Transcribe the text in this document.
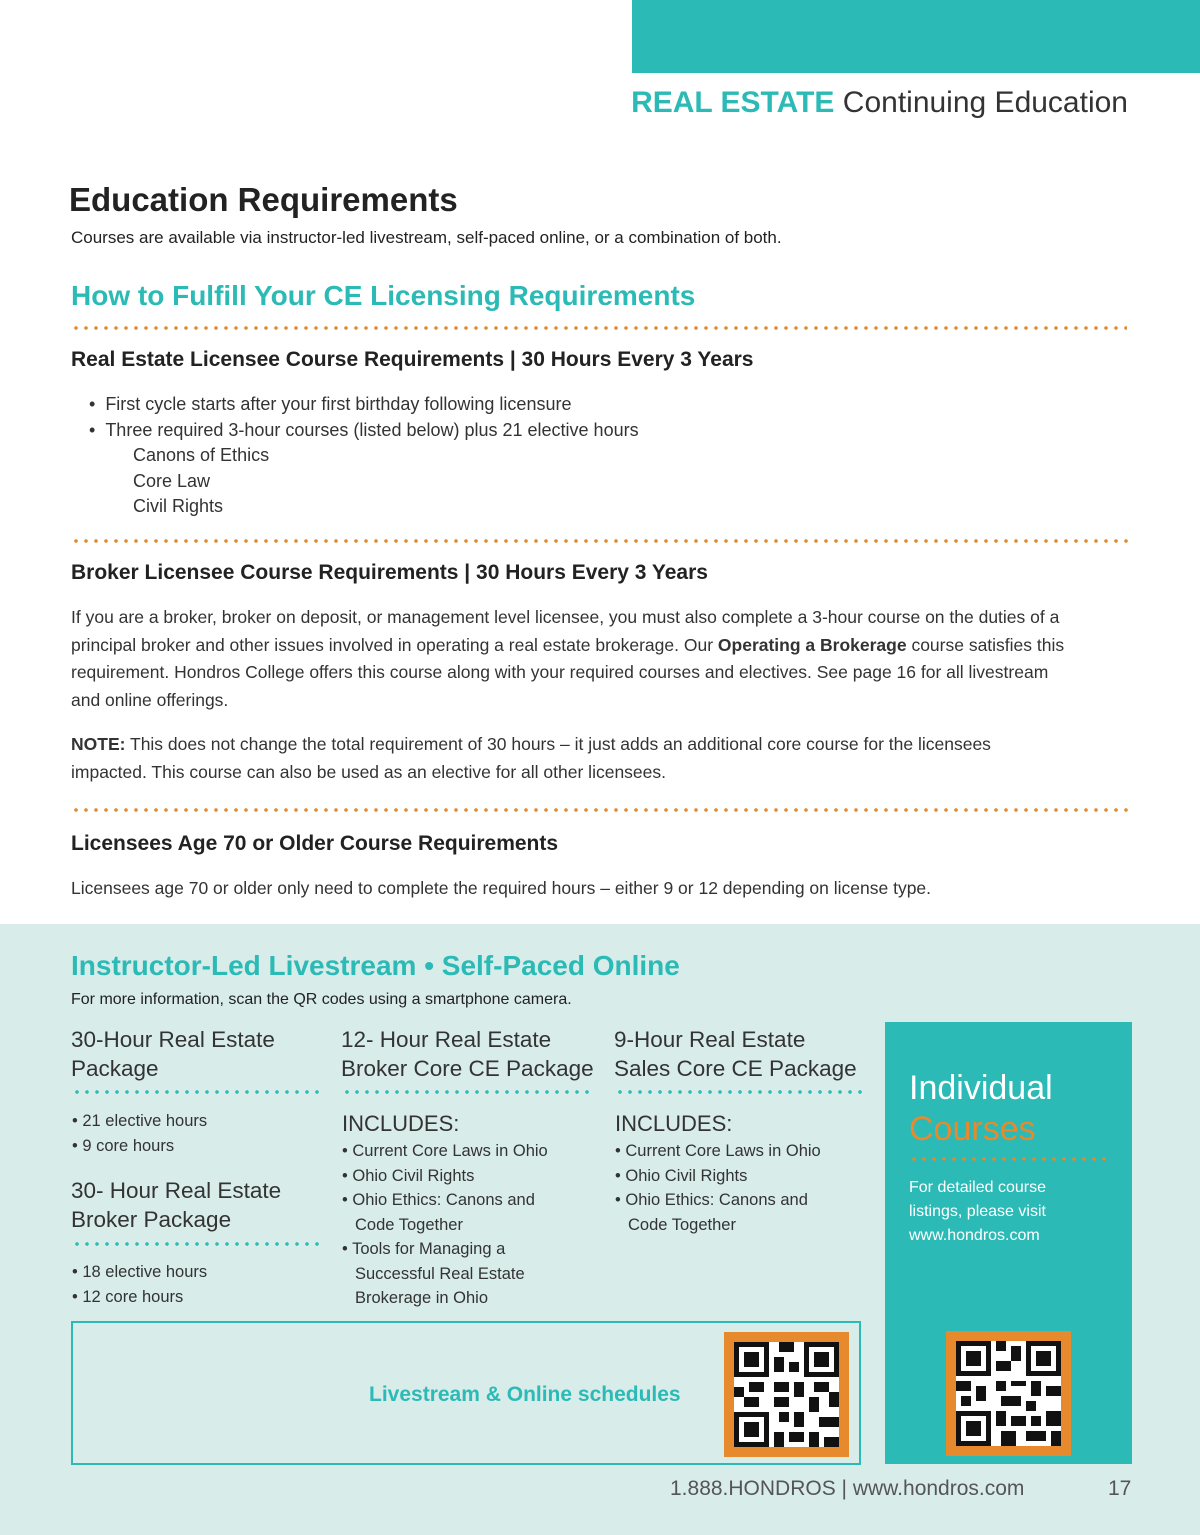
REAL ESTATE Continuing Education
Education Requirements

Courses are available via instructor-led livestream, self-paced online, or a combination of both.

How to Fulfill Your CE Licensing Requirements
Real Estate Licensee Course Requirements | 30 Hours Every 3 Years
• First cycle starts after your first birthday following licensure
• Three required 3-hour courses (listed below) plus 21 elective hours
Canons of Ethics
Core Law
Civil Rights
Broker Licensee Course Requirements | 30 Hours Every 3 Years

If you are a broker, broker on deposit, or management level licensee, you must also complete a 3-hour course on the duties of a principal broker and other issues involved in operating a real estate brokerage. Our Operating a Brokerage course satisfies this requirement. Hondros College offers this course along with your required courses and electives. See page 16 for all livestream and online offerings.

NOTE: This does not change the total requirement of 30 hours – it just adds an additional core course for the licensees impacted. This course can also be used as an elective for all other licensees.

Licensees Age 70 or Older Course Requirements

Licensees age 70 or older only need to complete the required hours – either 9 or 12 depending on license type.

Instructor-Led Livestream • Self-Paced Online

For more information, scan the QR codes using a smartphone camera.

30-Hour Real Estate
Package
• 21 elective hours
• 9 core hours
30- Hour Real Estate
Broker Package
• 18 elective hours
• 12 core hours
12- Hour Real Estate
Broker Core CE Package
INCLUDES:
• Current Core Laws in Ohio
• Ohio Civil Rights
• Ohio Ethics: Canons and Code Together
• Tools for Managing a Successful Real Estate Brokerage in Ohio
9-Hour Real Estate
Sales Core CE Package
INCLUDES:
• Current Core Laws in Ohio
• Ohio Civil Rights
• Ohio Ethics: Canons and Code Together
Individual
Courses
For detailed course
listings, please visit
www.hondros.com
Livestream & Online schedules
1.888.HONDROS | www.hondros.com	17
